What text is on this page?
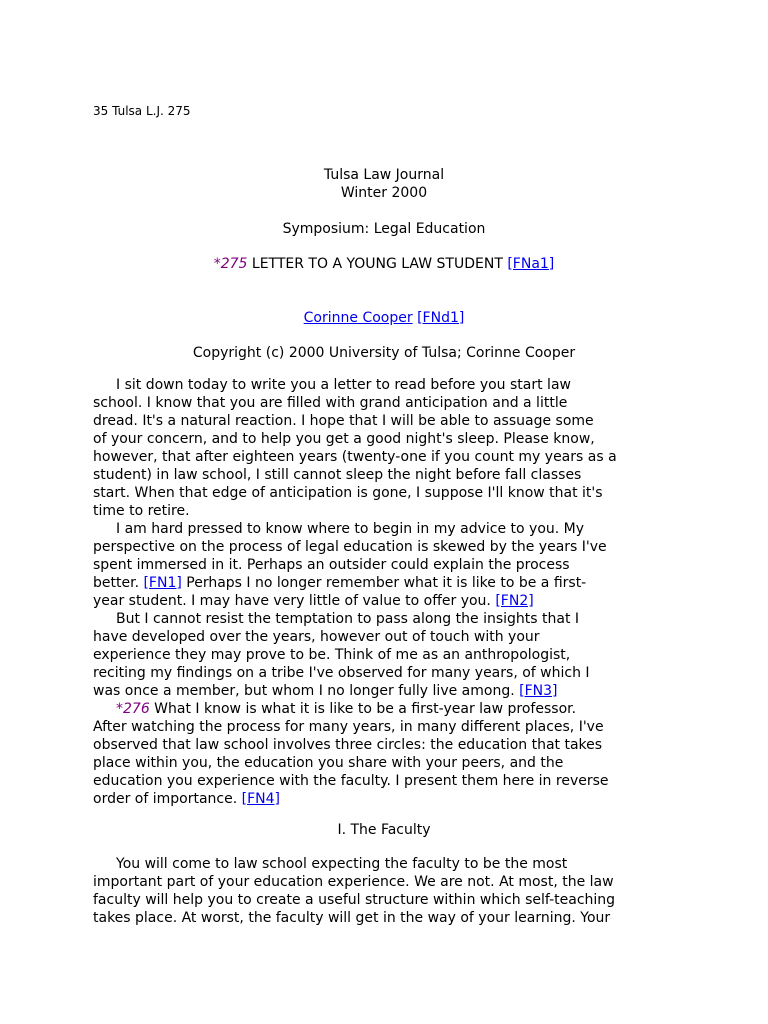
35 Tulsa L.J. 275
Tulsa Law Journal
Winter 2000
Symposium: Legal Education
*275 LETTER TO A YOUNG LAW STUDENT [FNa1]
Corinne Cooper [FNd1]
Copyright (c) 2000 University of Tulsa; Corinne Cooper
I sit down today to write you a letter to read before you start law
school. I know that you are filled with grand anticipation and a little
dread. It's a natural reaction. I hope that I will be able to assuage some
of your concern, and to help you get a good night's sleep. Please know,
however, that after eighteen years (twenty-one if you count my years as a
student) in law school, I still cannot sleep the night before fall classes
start. When that edge of anticipation is gone, I suppose I'll know that it's
time to retire.
I am hard pressed to know where to begin in my advice to you. My
perspective on the process of legal education is skewed by the years I've
spent immersed in it. Perhaps an outsider could explain the process
better. [FN1] Perhaps I no longer remember what it is like to be a first-
year student. I may have very little of value to offer you. [FN2]
But I cannot resist the temptation to pass along the insights that I
have developed over the years, however out of touch with your
experience they may prove to be. Think of me as an anthropologist,
reciting my findings on a tribe I've observed for many years, of which I
was once a member, but whom I no longer fully live among. [FN3]
*276 What I know is what it is like to be a first-year law professor.
After watching the process for many years, in many different places, I've
observed that law school involves three circles: the education that takes
place within you, the education you share with your peers, and the
education you experience with the faculty. I present them here in reverse
order of importance. [FN4]
I. The Faculty
You will come to law school expecting the faculty to be the most
important part of your education experience. We are not. At most, the law
faculty will help you to create a useful structure within which self-teaching
takes place. At worst, the faculty will get in the way of your learning. Your
